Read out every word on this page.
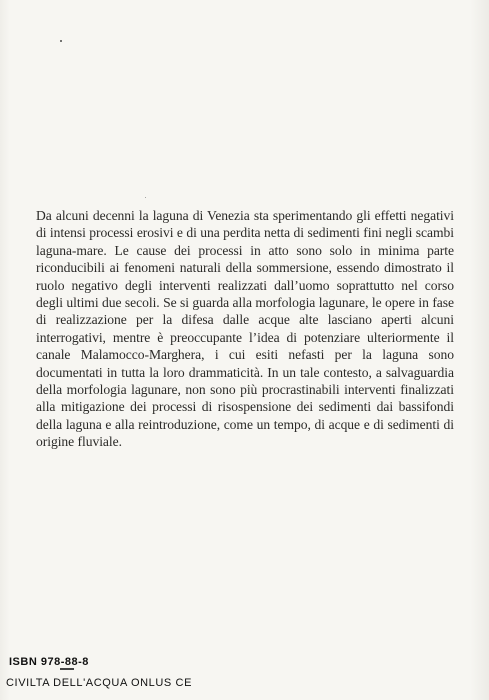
Da alcuni decenni la laguna di Venezia sta sperimentando gli effetti negativi di intensi processi erosivi e di una perdita netta di sedimenti fini negli scambi laguna-mare. Le cause dei processi in atto sono solo in minima parte riconducibili ai fenomeni naturali della sommersione, essendo dimostrato il ruolo negativo degli interventi realizzati dall’uomo soprattutto nel corso degli ultimi due secoli. Se si guarda alla morfologia lagunare, le opere in fase di realizzazione per la difesa dalle acque alte lasciano aperti alcuni interrogativi, mentre è preoccupante l’idea di potenziare ulteriormente il canale Malamocco-Marghera, i cui esiti nefasti per la laguna sono documentati in tutta la loro drammaticità. In un tale contesto, a salvaguardia della morfologia lagunare, non sono più procrastinabili interventi finalizzati alla mitigazione dei processi di risospensione dei sedimenti dai bassifondi della laguna e alla reintroduzione, come un tempo, di acque e di sedimenti di origine fluviale.

ISBN 978-88-8
CIVILTA DELL'ACQUA ONLUS CE
